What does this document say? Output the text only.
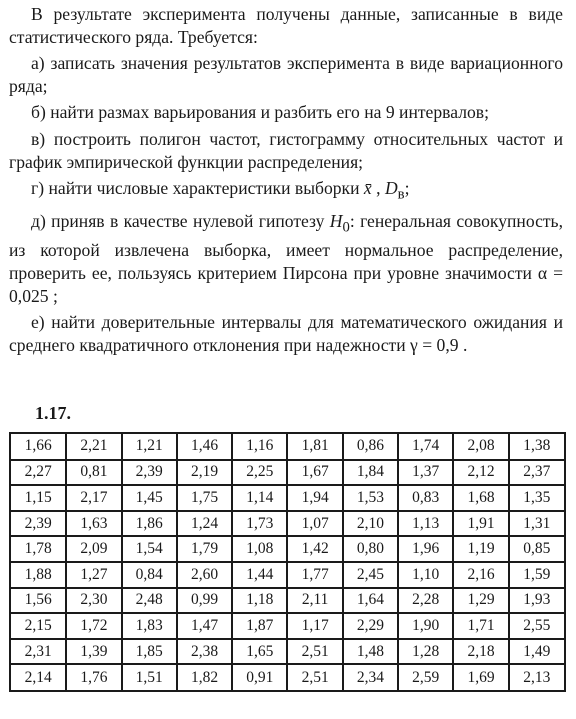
В результате эксперимента получены данные, записанные в виде статистического ряда. Требуется:

а) записать значения результатов эксперимента в виде вариационного ряда;

б) найти размах варьирования и разбить его на 9 интервалов;

в) построить полигон частот, гистограмму относительных частот и график эмпирической функции распределения;

г) найти числовые характеристики выборки x̄ , $D_в$;

д) приняв в качестве нулевой гипотезу $H_0$: генеральная совокупность, из которой извлечена выборка, имеет нормальное распределение, проверить ее, пользуясь критерием Пирсона при уровне значимости α = 0,025 ;

е) найти доверительные интервалы для математического ожидания и среднего квадратичного отклонения при надежности γ = 0,9 .

1.17.
1,66	2,21	1,21	1,46	1,16	1,81	0,86	1,74	2,08	1,38
2,27	0,81	2,39	2,19	2,25	1,67	1,84	1,37	2,12	2,37
1,15	2,17	1,45	1,75	1,14	1,94	1,53	0,83	1,68	1,35
2,39	1,63	1,86	1,24	1,73	1,07	2,10	1,13	1,91	1,31
1,78	2,09	1,54	1,79	1,08	1,42	0,80	1,96	1,19	0,85
1,88	1,27	0,84	2,60	1,44	1,77	2,45	1,10	2,16	1,59
1,56	2,30	2,48	0,99	1,18	2,11	1,64	2,28	1,29	1,93
2,15	1,72	1,83	1,47	1,87	1,17	2,29	1,90	1,71	2,55
2,31	1,39	1,85	2,38	1,65	2,51	1,48	1,28	2,18	1,49
2,14	1,76	1,51	1,82	0,91	2,51	2,34	2,59	1,69	2,13
